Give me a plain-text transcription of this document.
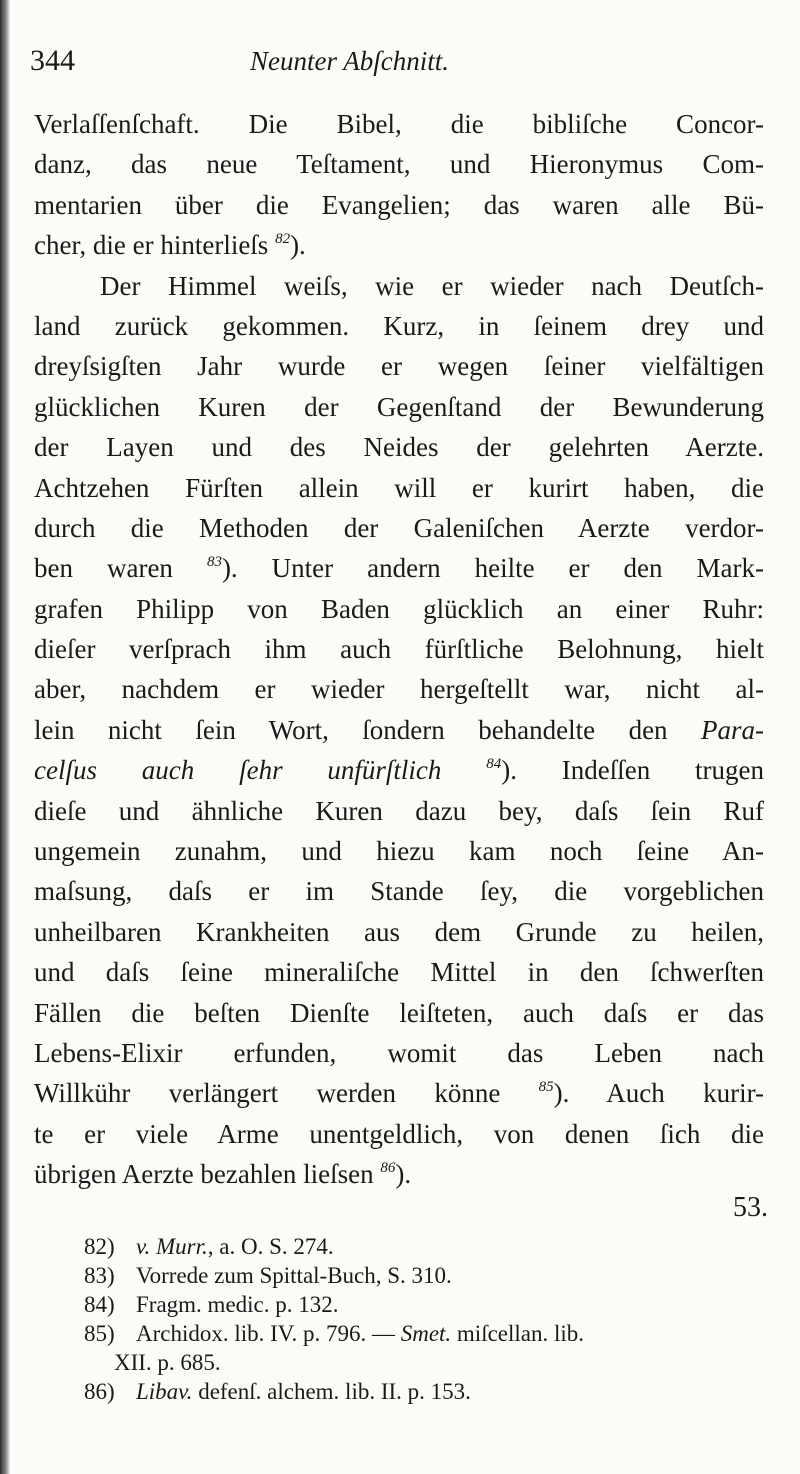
344	Neunter Abſchnitt.
Verlaſſenſchaft. Die Bibel, die bibliſche Concor-
danz, das neue Teſtament, und Hieronymus Com-
mentarien über die Evangelien; das waren alle Bü-
cher, die er hinterlieſs $^{82}$).
Der Himmel weiſs, wie er wieder nach Deutſch-
land zurück gekommen. Kurz, in ſeinem drey und
dreyſsigſten Jahr wurde er wegen ſeiner vielfältigen
glücklichen Kuren der Gegenſtand der Bewunderung
der Layen und des Neides der gelehrten Aerzte.
Achtzehen Fürſten allein will er kurirt haben, die
durch die Methoden der Galeniſchen Aerzte verdor-
ben waren $^{83}$). Unter andern heilte er den Mark-
grafen Philipp von Baden glücklich an einer Ruhr:
dieſer verſprach ihm auch fürſtliche Belohnung, hielt
aber, nachdem er wieder hergeſtellt war, nicht al-
lein nicht ſein Wort, ſondern behandelte den Para-
celſus auch ſehr unfürſtlich	$^{84}$). Indeſſen trugen
dieſe und ähnliche Kuren dazu bey, daſs ſein Ruf
ungemein zunahm, und hiezu kam noch ſeine An-
maſsung, daſs er im Stande ſey, die vorgeblichen
unheilbaren Krankheiten aus dem Grunde zu heilen,
und daſs ſeine mineraliſche Mittel in den ſchwerſten
Fällen die beſten Dienſte leiſteten, auch daſs er das
Lebens-Elixir erfunden, womit das Leben nach
Willkühr verlängert werden könne	$^{85}$). Auch kurir-
te er viele Arme unentgeldlich, von denen ſich die
übrigen Aerzte bezahlen lieſsen $^{86}$).
53.
82) v. Murr., a. O. S. 274.
83) Vorrede zum Spittal-Buch, S. 310.
84) Fragm. medic. p. 132.
85) Archidox. lib. IV. p. 796. — Smet. miſcellan. lib.
XII. p. 685.
86) Libav. defenſ. alchem. lib. II. p. 153.
